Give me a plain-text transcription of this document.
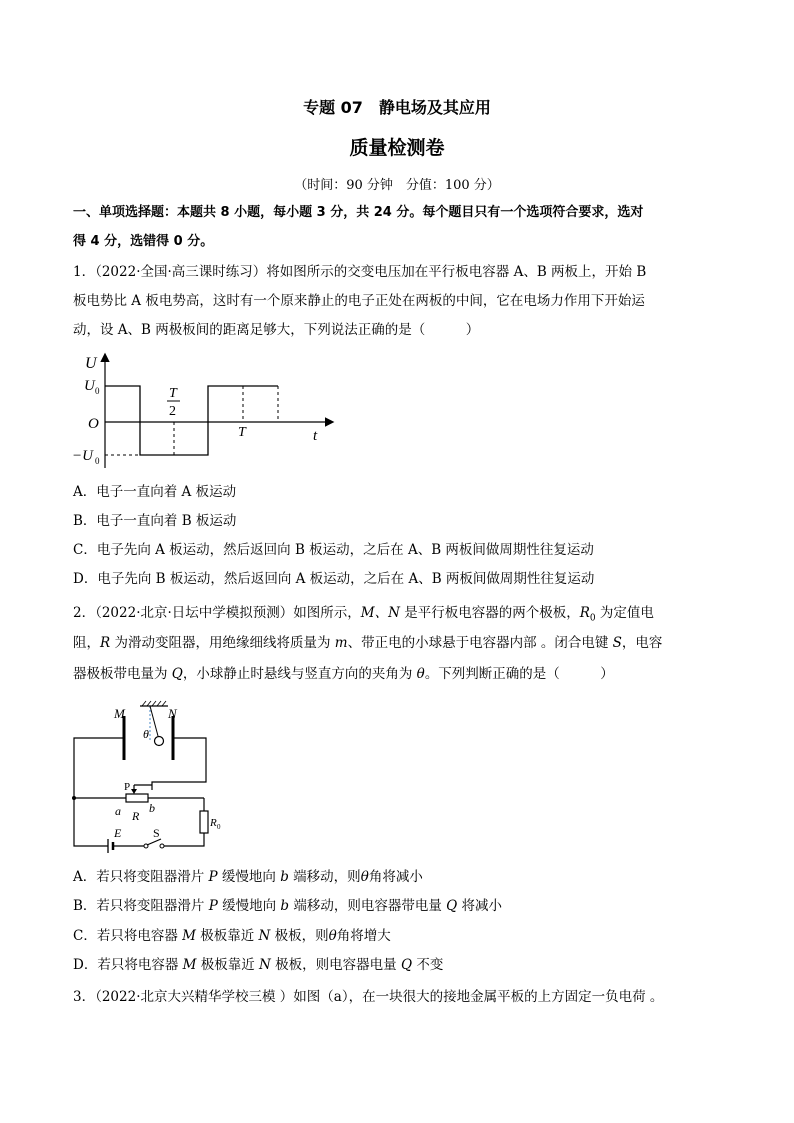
专题 07　静电场及其应用
质量检测卷
（时间：90 分钟　分值：100 分）
一、单项选择题：本题共 8 小题，每小题 3 分，共 24 分。每个题目只有一个选项符合要求，选对
得 4 分，选错得 0 分。
1．（2022·全国·高三课时练习）将如图所示的交变电压加在平行板电容器 A、B 两板上，开始 B
板电势比 A 板电势高，这时有一个原来静止的电子正处在两板的中间，它在电场力作用下开始运
动，设 A、B 两极板间的距离足够大，下列说法正确的是（　　　）
U
U 0
O
−U 0
T
2
T	t
A．电子一直向着 A 板运动
B．电子一直向着 B 板运动
C．电子先向 A 板运动，然后返回向 B 板运动，之后在 A、B 两板间做周期性往复运动
D．电子先向 B 板运动，然后返回向 A 板运动，之后在 A、B 两板间做周期性往复运动
2．（2022·北京·日坛中学模拟预测）如图所示，M、N 是平行板电容器的两个极板，$R_0$ 为定值电
阻，R 为滑动变阻器，用绝缘细线将质量为 m、带正电的小球悬于电容器内部 。闭合电键 S，电容
器极板带电量为 Q，小球静止时悬线与竖直方向的夹角为 θ。下列判断正确的是（　　　）
M	N
θ
P
a R
b
R 0
E	S
A．若只将变阻器滑片 P 缓慢地向 b 端移动，则θ角将减小
B．若只将变阻器滑片 P 缓慢地向 b 端移动，则电容器带电量 Q 将减小
C．若只将电容器 M 极板靠近 N 极板，则θ角将增大
D．若只将电容器 M 极板靠近 N 极板，则电容器电量 Q 不变
3．（2022·北京大兴精华学校三模 ）如图（a），在一块很大的接地金属平板的上方固定一负电荷 。
